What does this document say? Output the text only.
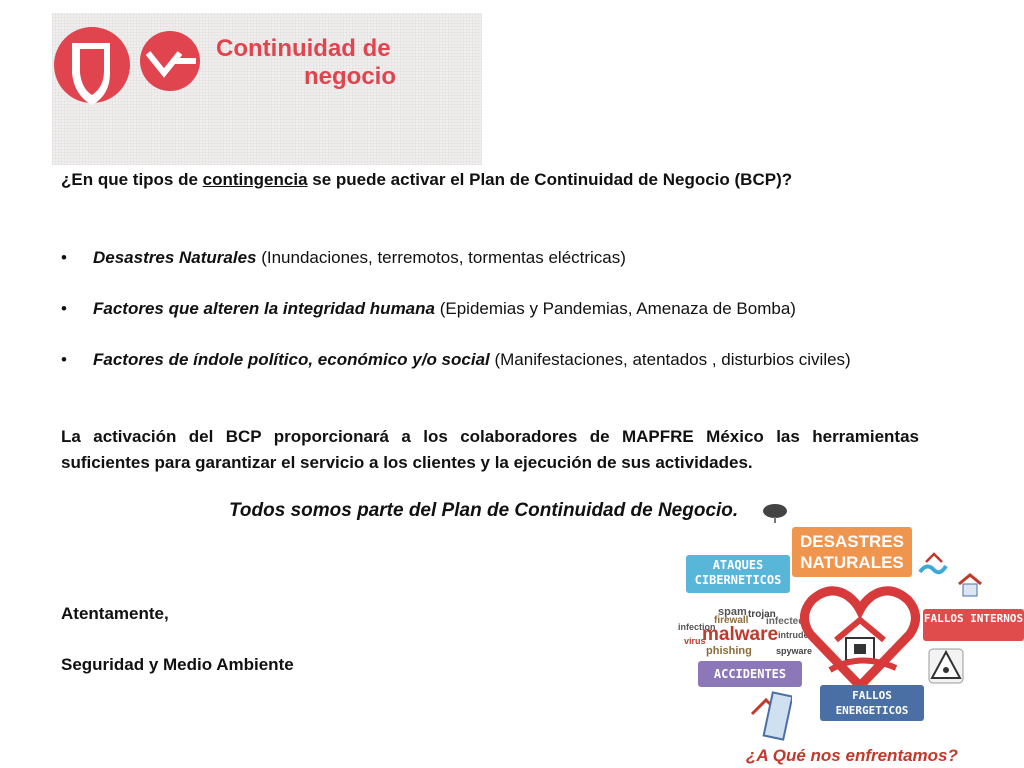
Continuidad de
negocio
¿En que tipos de contingencia se puede activar el Plan de Continuidad de Negocio (BCP)?
• Desastres Naturales (Inundaciones, terremotos, tormentas eléctricas)
• Factores que alteren la integridad humana (Epidemias y Pandemias, Amenaza de Bomba)
• Factores de índole político, económico y/o social (Manifestaciones, atentados , disturbios civiles)

La activación del BCP proporcionará a los colaboradores de MAPFRE México las herramientas suficientes para garantizar el servicio a los clientes y la ejecución de sus actividades.

Todos somos parte del Plan de Continuidad de Negocio.
Atentamente,
Seguridad y Medio Ambiente
ATAQUES CIBERNETICOS
DESASTRES NATURALES
spam trojan
firewall infected
infection
malware intruder
virus
phishing	spyware
FALLOS INTERNOS
ACCIDENTES
FALLOS ENERGETICOS
¿A Qué nos enfrentamos?
